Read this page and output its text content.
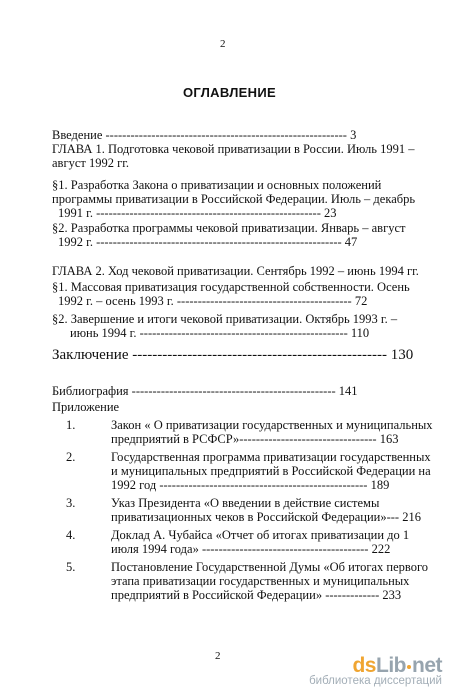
2
ОГЛАВЛЕНИЕ
Введение ---------------------------------------------------------- 3
ГЛАВА 1. Подготовка чековой приватизации в России. Июль 1991 –
август 1992 гг.
§1. Разработка Закона о приватизации и основных положений
программы приватизации в Российской Федерации. Июль – декабрь
1991 г. ------------------------------------------------------ 23
§2. Разработка программы чековой приватизации. Январь – август
1992 г. ----------------------------------------------------------- 47
ГЛАВА 2. Ход чековой приватизации. Сентябрь 1992 – июнь 1994 гг.
§1. Массовая приватизация государственной собственности. Осень
1992 г. – осень 1993 г. ------------------------------------------ 72
§2. Завершение и итоги чековой приватизации. Октябрь 1993 г. –
июнь 1994 г. -------------------------------------------------- 110
Заключение --------------------------------------------------- 130
Библиография ------------------------------------------------- 141
Приложение
1.	Закон « О приватизации государственных и муниципальных
предприятий в РСФСР»--------------------------------- 163
2.	Государственная программа приватизации государственных
и муниципальных предприятий в Российской Федерации на
1992 год -------------------------------------------------- 189
3.	Указ Президента «О введении в действие системы
приватизационных чеков в Российской Федерации»--- 216
4.	Доклад А. Чубайса «Отчет об итогах приватизации до 1
июля 1994 года» ---------------------------------------- 222
5.	Постановление Государственной Думы «Об итогах первого
этапа приватизации государственных и муниципальных
предприятий в Российской Федерации» ------------- 233
2	dsLib net
библиотека диссертаций
